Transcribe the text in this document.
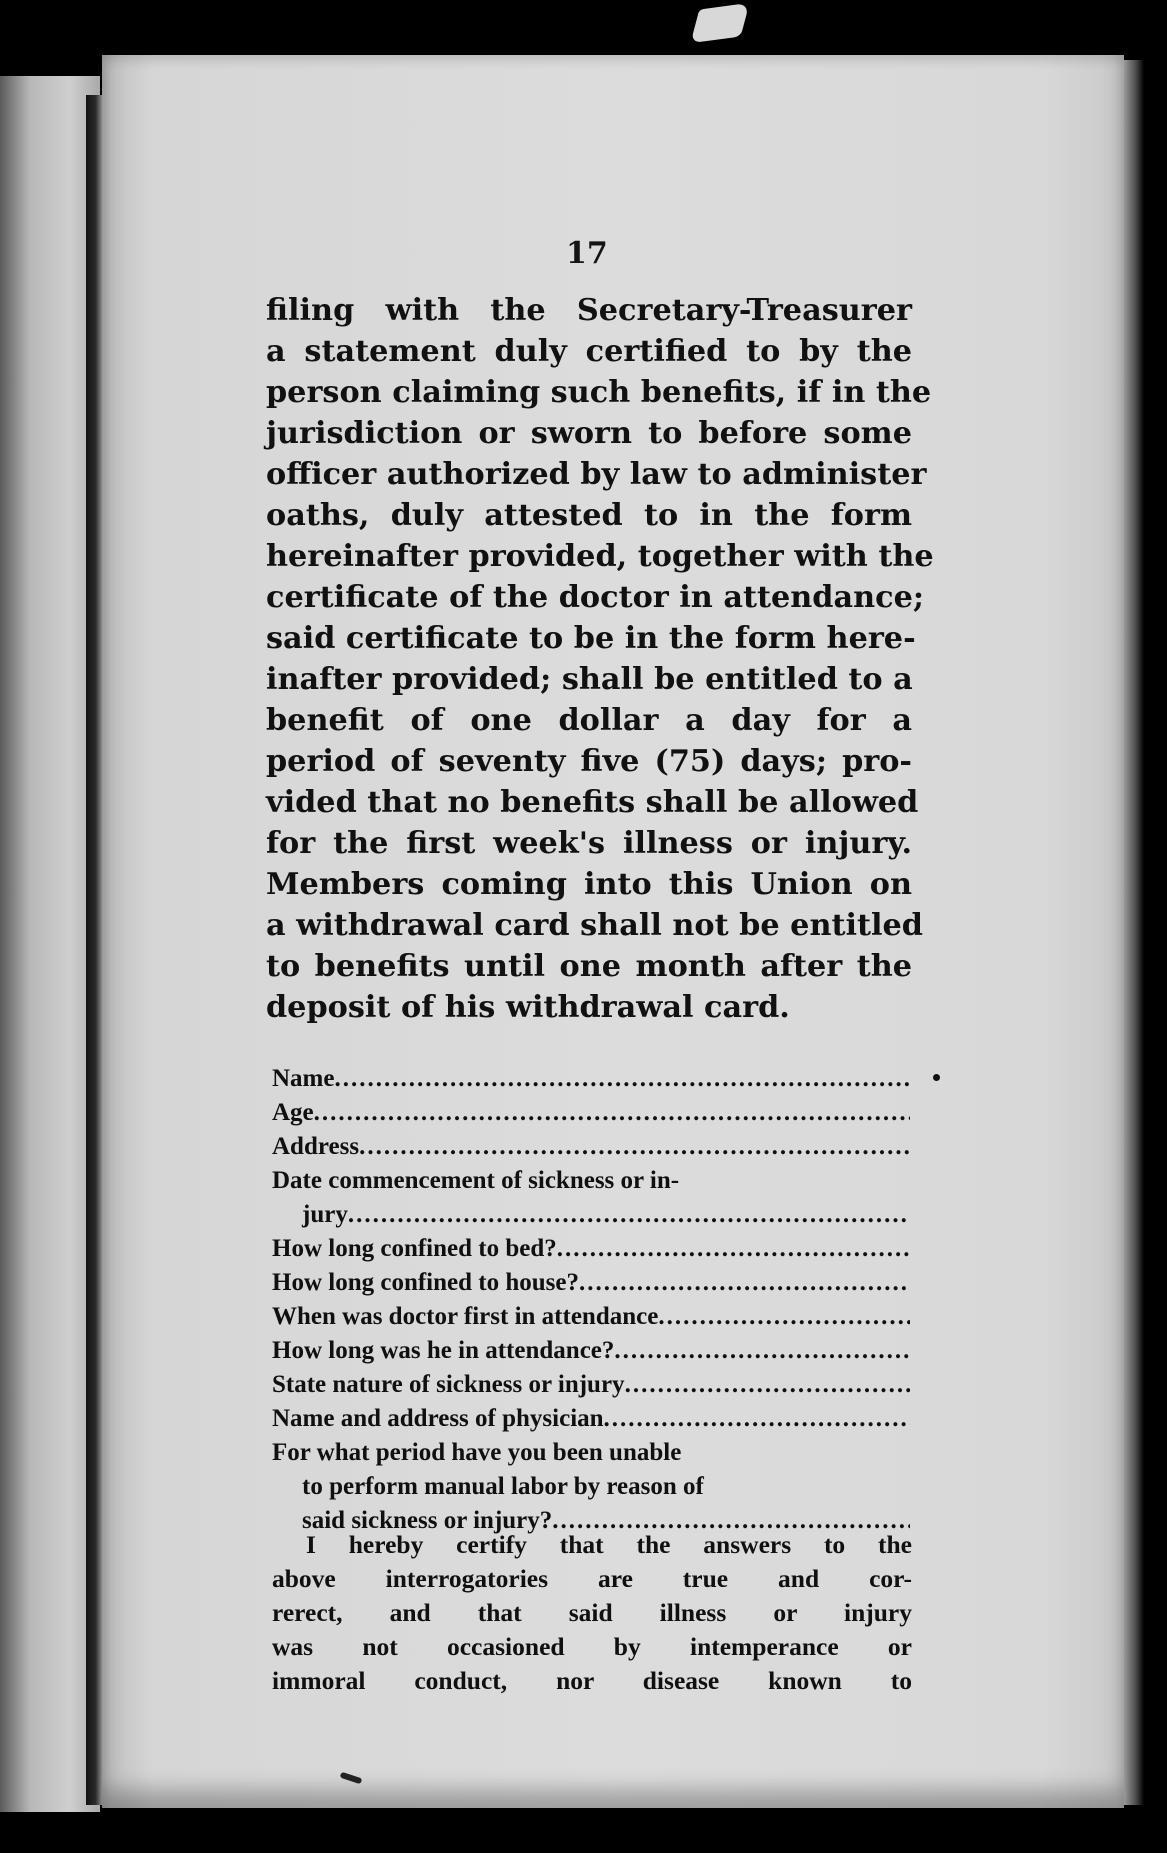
17
filing with the Secretary-Treasurer
a statement duly certified to by the
person claiming such benefits, if in the
jurisdiction or sworn to before some
officer authorized by law to administer
oaths, duly attested to in the form
hereinafter provided, together with the
certificate of the doctor in attendance;
said certificate to be in the form here-
inafter provided; shall be entitled to a
benefit of one dollar a day for a
period of seventy five (75) days; pro-
vided that no benefits shall be allowed
for the first week's illness or injury.
Members coming into this Union on
a withdrawal card shall not be entitled
to benefits until one month after the
deposit of his withdrawal card.
Name
.....
Age
.....
Address
.....
Date commencement of sickness or in-
jury
.....
How long confined to bed?
.....
How long confined to house?
.....
When was doctor first in attendance
.....
How long was he in attendance?
.....
State nature of sickness or injury
.....
Name and address of physician
.....
For what period have you been unable
to perform manual labor by reason of
said sickness or injury?
.....
I hereby certify that the answers to the
above interrogatories are true and cor-
rerect, and that said illness or injury
was not occasioned by intemperance or
immoral conduct, nor disease known to
